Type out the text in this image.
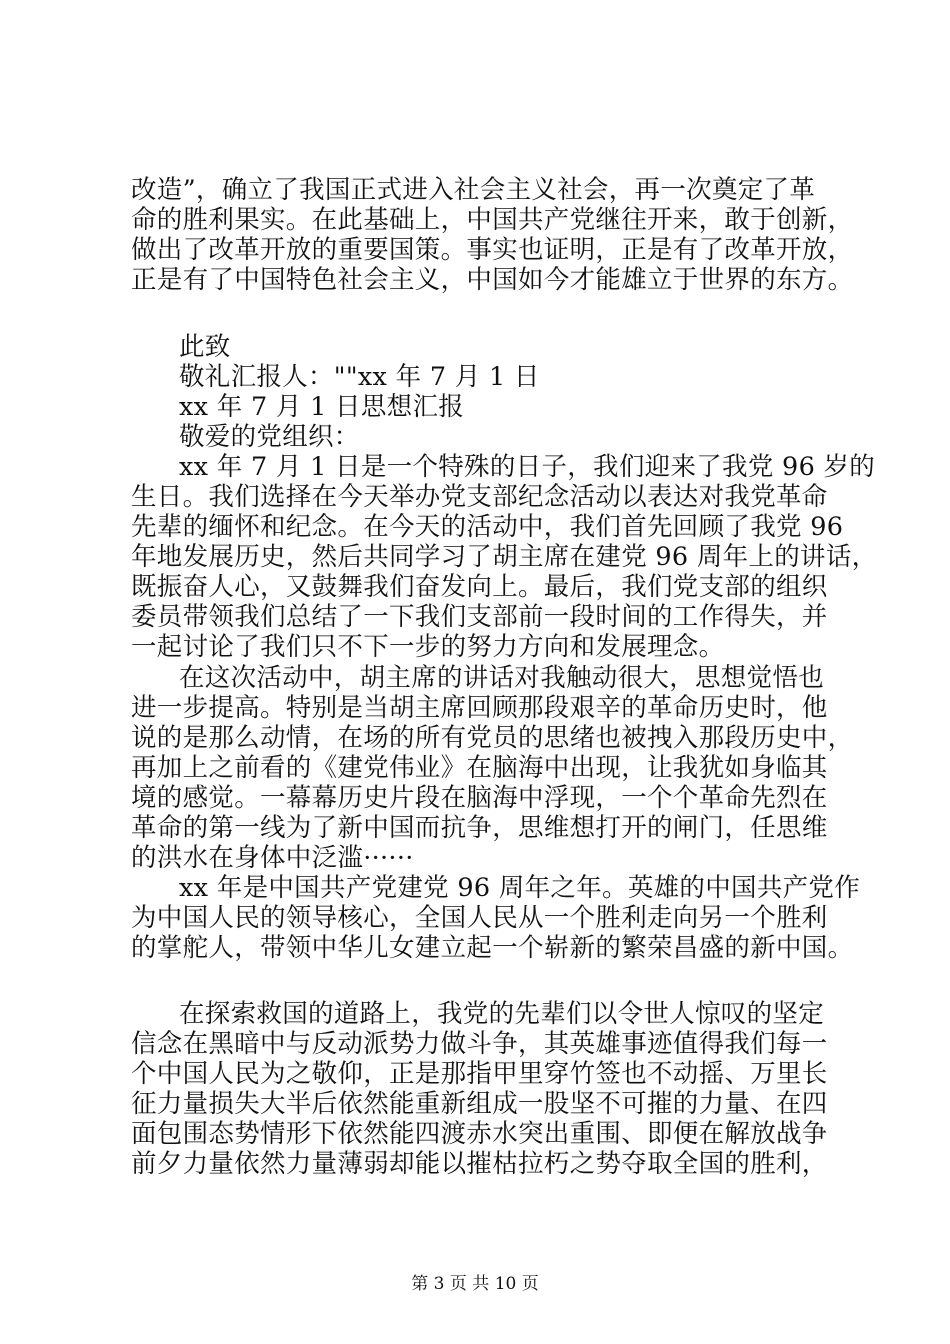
改造”，确立了我国正式进入社会主义社会，再一次奠定了革
命的胜利果实。在此基础上，中国共产党继往开来，敢于创新，
做出了改革开放的重要国策。事实也证明，正是有了改革开放，
正是有了中国特色社会主义，中国如今才能雄立于世界的东方。
此致
敬礼汇报人：""xx 年 7 月 1 日
xx 年 7 月 1 日思想汇报
敬爱的党组织：
xx 年 7 月 1 日是一个特殊的日子，我们迎来了我党 96 岁的
生日。我们选择在今天举办党支部纪念活动以表达对我党革命
先辈的缅怀和纪念。在今天的活动中，我们首先回顾了我党 96
年地发展历史，然后共同学习了胡主席在建党 96 周年上的讲话，
既振奋人心，又鼓舞我们奋发向上。最后，我们党支部的组织
委员带领我们总结了一下我们支部前一段时间的工作得失，并
一起讨论了我们只不下一步的努力方向和发展理念。
在这次活动中，胡主席的讲话对我触动很大，思想觉悟也
进一步提高。特别是当胡主席回顾那段艰辛的革命历史时，他
说的是那么动情，在场的所有党员的思绪也被拽入那段历史中，
再加上之前看的《建党伟业》在脑海中出现，让我犹如身临其
境的感觉。一幕幕历史片段在脑海中浮现，一个个革命先烈在
革命的第一线为了新中国而抗争，思维想打开的闸门，任思维
的洪水在身体中泛滥······
xx 年是中国共产党建党 96 周年之年。英雄的中国共产党作
为中国人民的领导核心，全国人民从一个胜利走向另一个胜利
的掌舵人，带领中华儿女建立起一个崭新的繁荣昌盛的新中国。
在探索救国的道路上，我党的先辈们以令世人惊叹的坚定
信念在黑暗中与反动派势力做斗争，其英雄事迹值得我们每一
个中国人民为之敬仰，正是那指甲里穿竹签也不动摇、万里长
征力量损失大半后依然能重新组成一股坚不可摧的力量、在四
面包围态势情形下依然能四渡赤水突出重围、即便在解放战争
前夕力量依然力量薄弱却能以摧枯拉朽之势夺取全国的胜利，
第 3 页 共 10 页
